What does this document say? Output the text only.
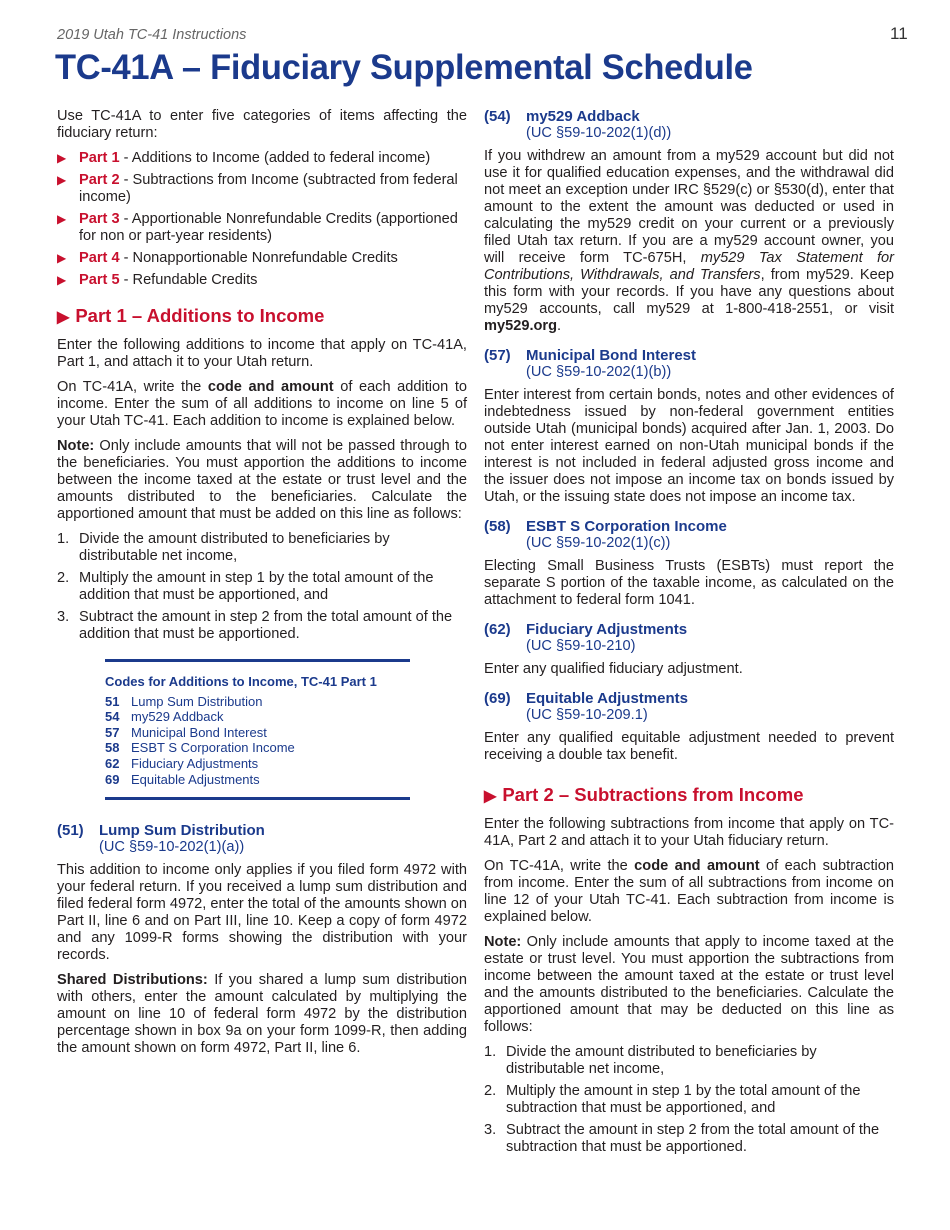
2019 Utah TC-41 Instructions	11
TC-41A – Fiduciary Supplemental Schedule

Use TC-41A to enter five categories of items affecting the fiduciary return:

▶ Part 1 - Additions to Income (added to federal income)
▶ Part 2 - Subtractions from Income (subtracted from federal income)
▶ Part 3 - Apportionable Nonrefundable Credits (apportioned for non or part-year residents)
▶ Part 4 - Nonapportionable Nonrefundable Credits
▶ Part 5 - Refundable Credits
▶ Part 1 – Additions to Income

Enter the following additions to income that apply on TC-41A, Part 1, and attach it to your Utah return.

On TC-41A, write the code and amount of each addition to income. Enter the sum of all additions to income on line 5 of your Utah TC-41. Each addition to income is explained below.

Note: Only include amounts that will not be passed through to the beneficiaries. You must apportion the additions to income between the income taxed at the estate or trust level and the amounts distributed to the beneficiaries. Calculate the apportioned amount that must be added on this line as follows:

1. Divide the amount distributed to beneficiaries by distributable net income,
2. Multiply the amount in step 1 by the total amount of the addition that must be apportioned, and
3. Subtract the amount in step 2 from the total amount of the addition that must be apportioned.
Codes for Additions to Income, TC-41 Part 1
51 Lump Sum Distribution
54 my529 Addback
57 Municipal Bond Interest
58 ESBT S Corporation Income
62 Fiduciary Adjustments
69 Equitable Adjustments
(51) Lump Sum Distribution
(UC §59-10-202(1)(a))

This addition to income only applies if you filed form 4972 with your federal return. If you received a lump sum distribution and filed federal form 4972, enter the total of the amounts shown on Part II, line 6 and on Part III, line 10. Keep a copy of form 4972 and any 1099-R forms showing the distribution with your records.

Shared Distributions: If you shared a lump sum distribution with others, enter the amount calculated by multiplying the amount on line 10 of federal form 4972 by the distribution percentage shown in box 9a on your form 1099-R, then adding the amount shown on form 4972, Part II, line 6.

(54) my529 Addback
(UC §59-10-202(1)(d))

If you withdrew an amount from a my529 account but did not use it for qualified education expenses, and the withdrawal did not meet an exception under IRC §529(c) or §530(d), enter that amount to the extent the amount was deducted or used in calculating the my529 credit on your current or a previously filed Utah tax return. If you are a my529 account owner, you will receive form TC-675H, my529 Tax Statement for Contributions, Withdrawals, and Transfers, from my529. Keep this form with your records. If you have any questions about my529 accounts, call my529 at 1-800-418-2551, or visit my529.org.

(57) Municipal Bond Interest
(UC §59-10-202(1)(b))

Enter interest from certain bonds, notes and other evidences of indebtedness issued by non-federal government entities outside Utah (municipal bonds) acquired after Jan. 1, 2003. Do not enter interest earned on non-Utah municipal bonds if the interest is not included in federal adjusted gross income and the issuer does not impose an income tax on bonds issued by Utah, or the issuing state does not impose an income tax.

(58) ESBT S Corporation Income
(UC §59-10-202(1)(c))

Electing Small Business Trusts (ESBTs) must report the separate S portion of the taxable income, as calculated on the attachment to federal form 1041.

(62) Fiduciary Adjustments
(UC §59-10-210)

Enter any qualified fiduciary adjustment.

(69) Equitable Adjustments
(UC §59-10-209.1)

Enter any qualified equitable adjustment needed to prevent receiving a double tax benefit.

▶ Part 2 – Subtractions from Income

Enter the following subtractions from income that apply on TC-41A, Part 2 and attach it to your Utah fiduciary return.

On TC-41A, write the code and amount of each subtraction from income. Enter the sum of all subtractions from income on line 12 of your Utah TC-41. Each subtraction from income is explained below.

Note: Only include amounts that apply to income taxed at the estate or trust level. You must apportion the subtractions from income between the amount taxed at the estate or trust level and the amounts distributed to the beneficiaries. Calculate the apportioned amount that may be deducted on this line as follows:

1. Divide the amount distributed to beneficiaries by distributable net income,
2. Multiply the amount in step 1 by the total amount of the subtraction that must be apportioned, and
3. Subtract the amount in step 2 from the total amount of the subtraction that must be apportioned.
